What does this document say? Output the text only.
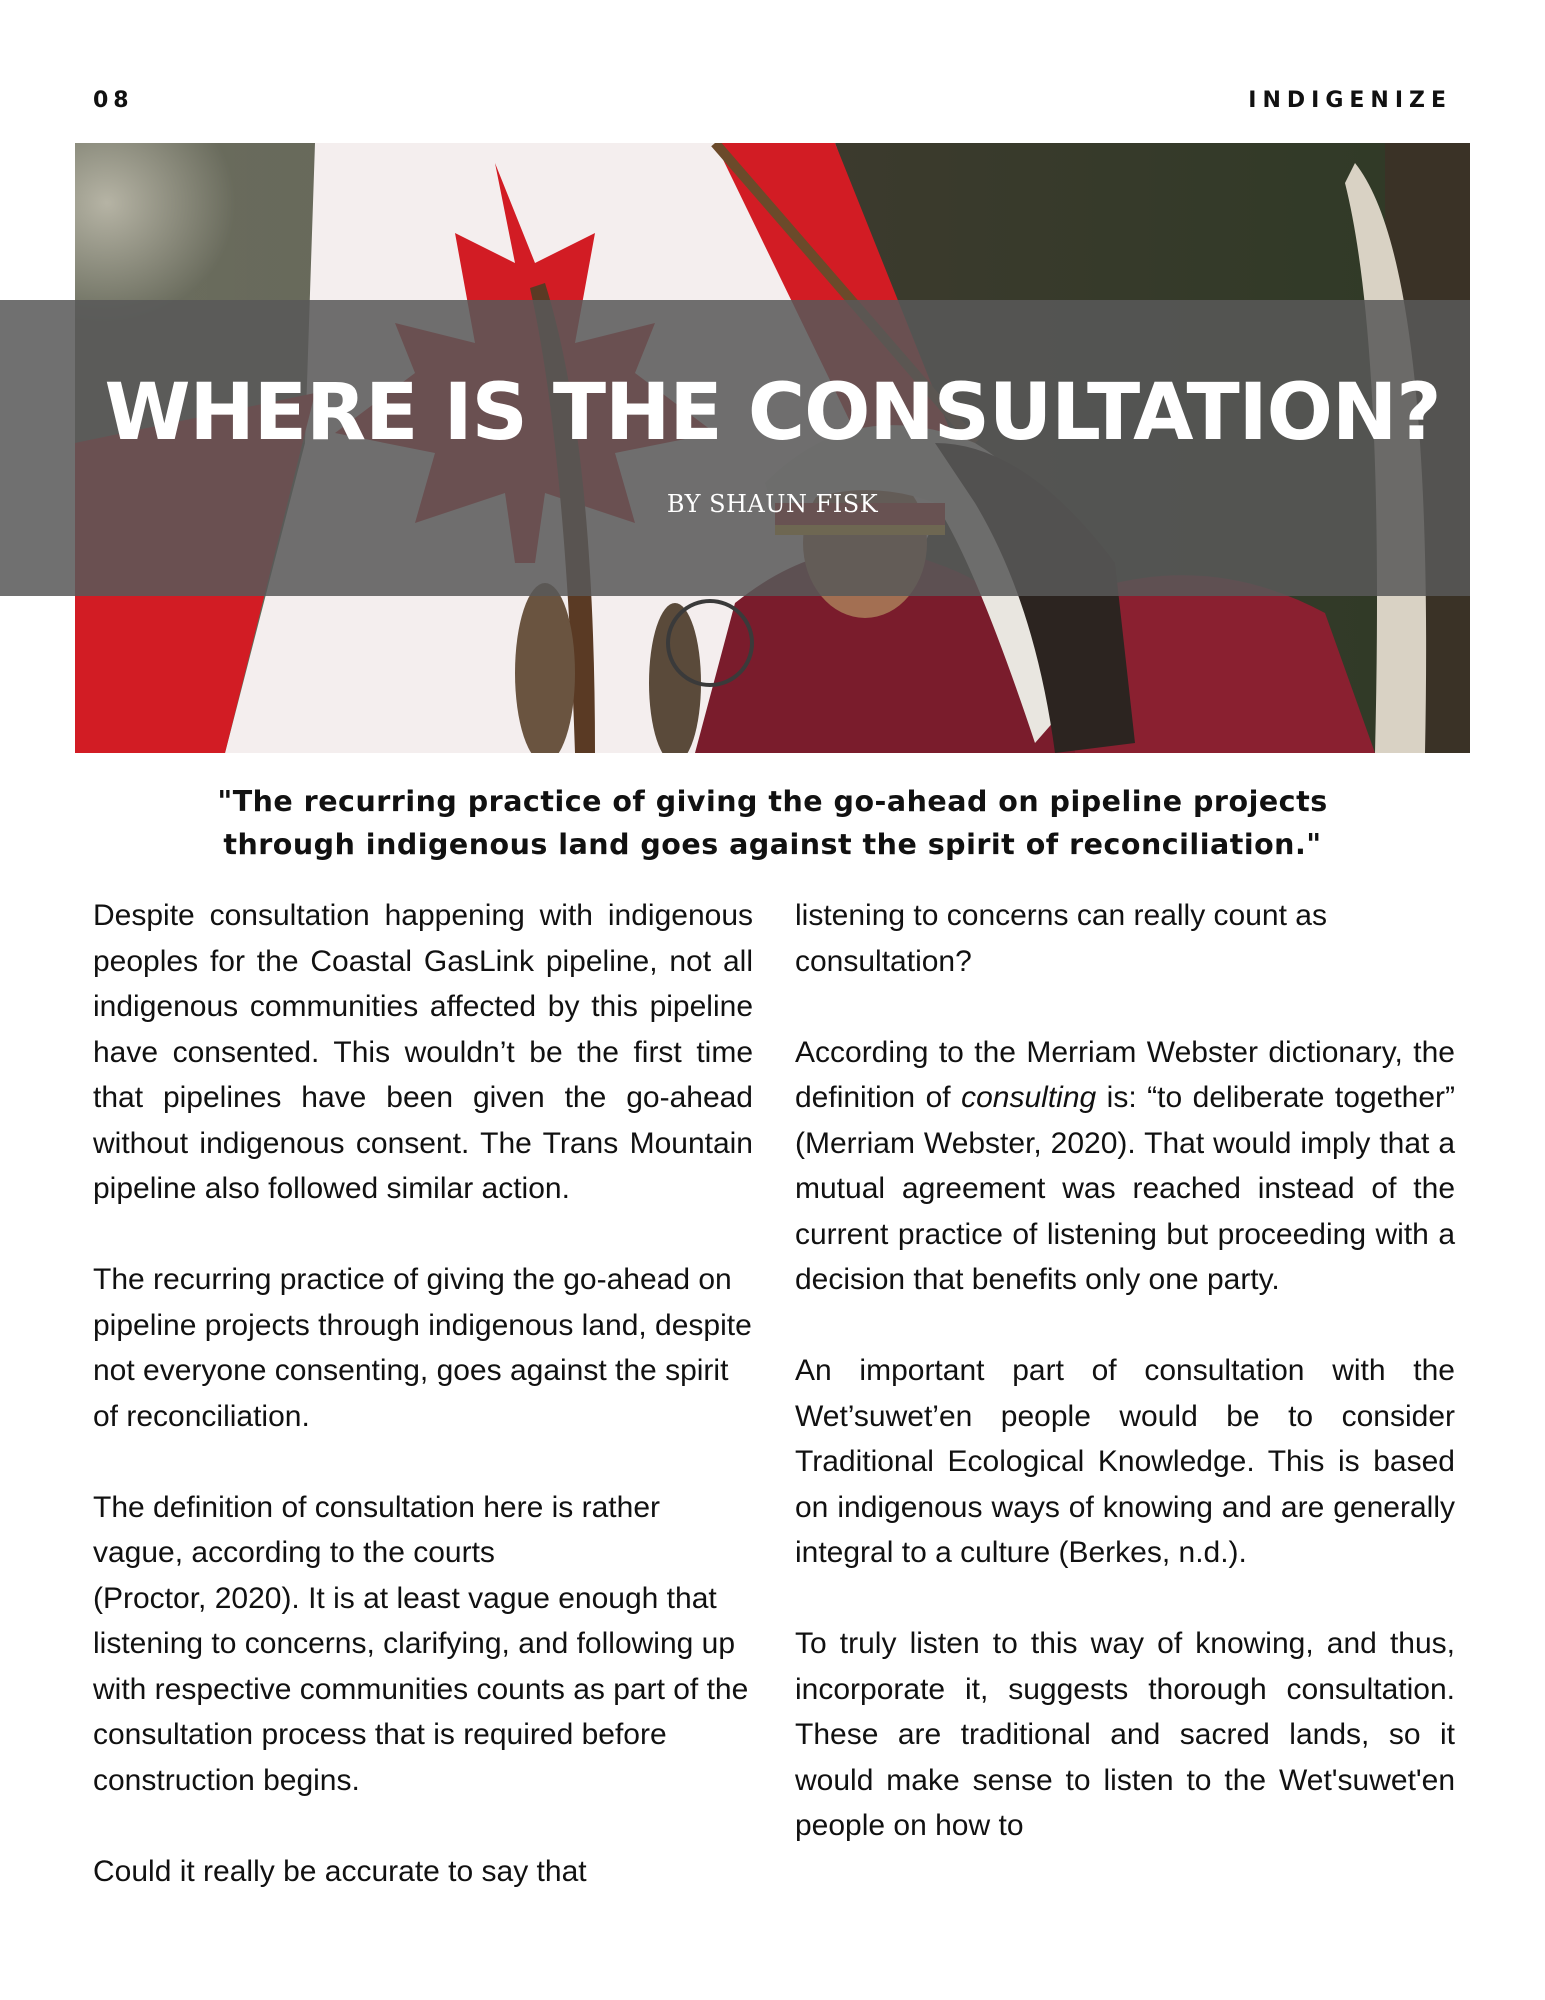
08	INDIGENIZE
WHERE IS THE CONSULTATION?
BY SHAUN FISK
"The recurring practice of giving the go-ahead on pipeline projects
through indigenous land goes against the spirit of reconciliation."

Despite consultation happening with indigenous peoples for the Coastal GasLink pipeline, not all indigenous communities affected by this pipeline have consented. This wouldn’t be the first time that pipelines have been given the go-ahead without indigenous consent. The Trans Mountain pipeline also followed similar action.

The recurring practice of giving the go-ahead on pipeline projects through indigenous land, despite not everyone consenting, goes against the spirit of reconciliation.

The definition of consultation here is rather
vague, according to the courts
(Proctor, 2020). It is at least vague enough that listening to concerns, clarifying, and following up with respective communities counts as part of the consultation process that is required before construction begins.

Could it really be accurate to say that

listening to concerns can really count as consultation?

According to the Merriam Webster dictionary, the definition of consulting is: “to deliberate together” (Merriam Webster, 2020). That would imply that a mutual agreement was reached instead of the current practice of listening but proceeding with a decision that benefits only one party.

An important part of consultation with the Wet’suwet’en people would be to consider Traditional Ecological Knowledge. This is based on indigenous ways of knowing and are generally integral to a culture (Berkes, n.d.).

To truly listen to this way of knowing, and thus, incorporate it, suggests thorough consultation. These are traditional and sacred lands, so it would make sense to listen to the Wet'suwet'en people on how to
